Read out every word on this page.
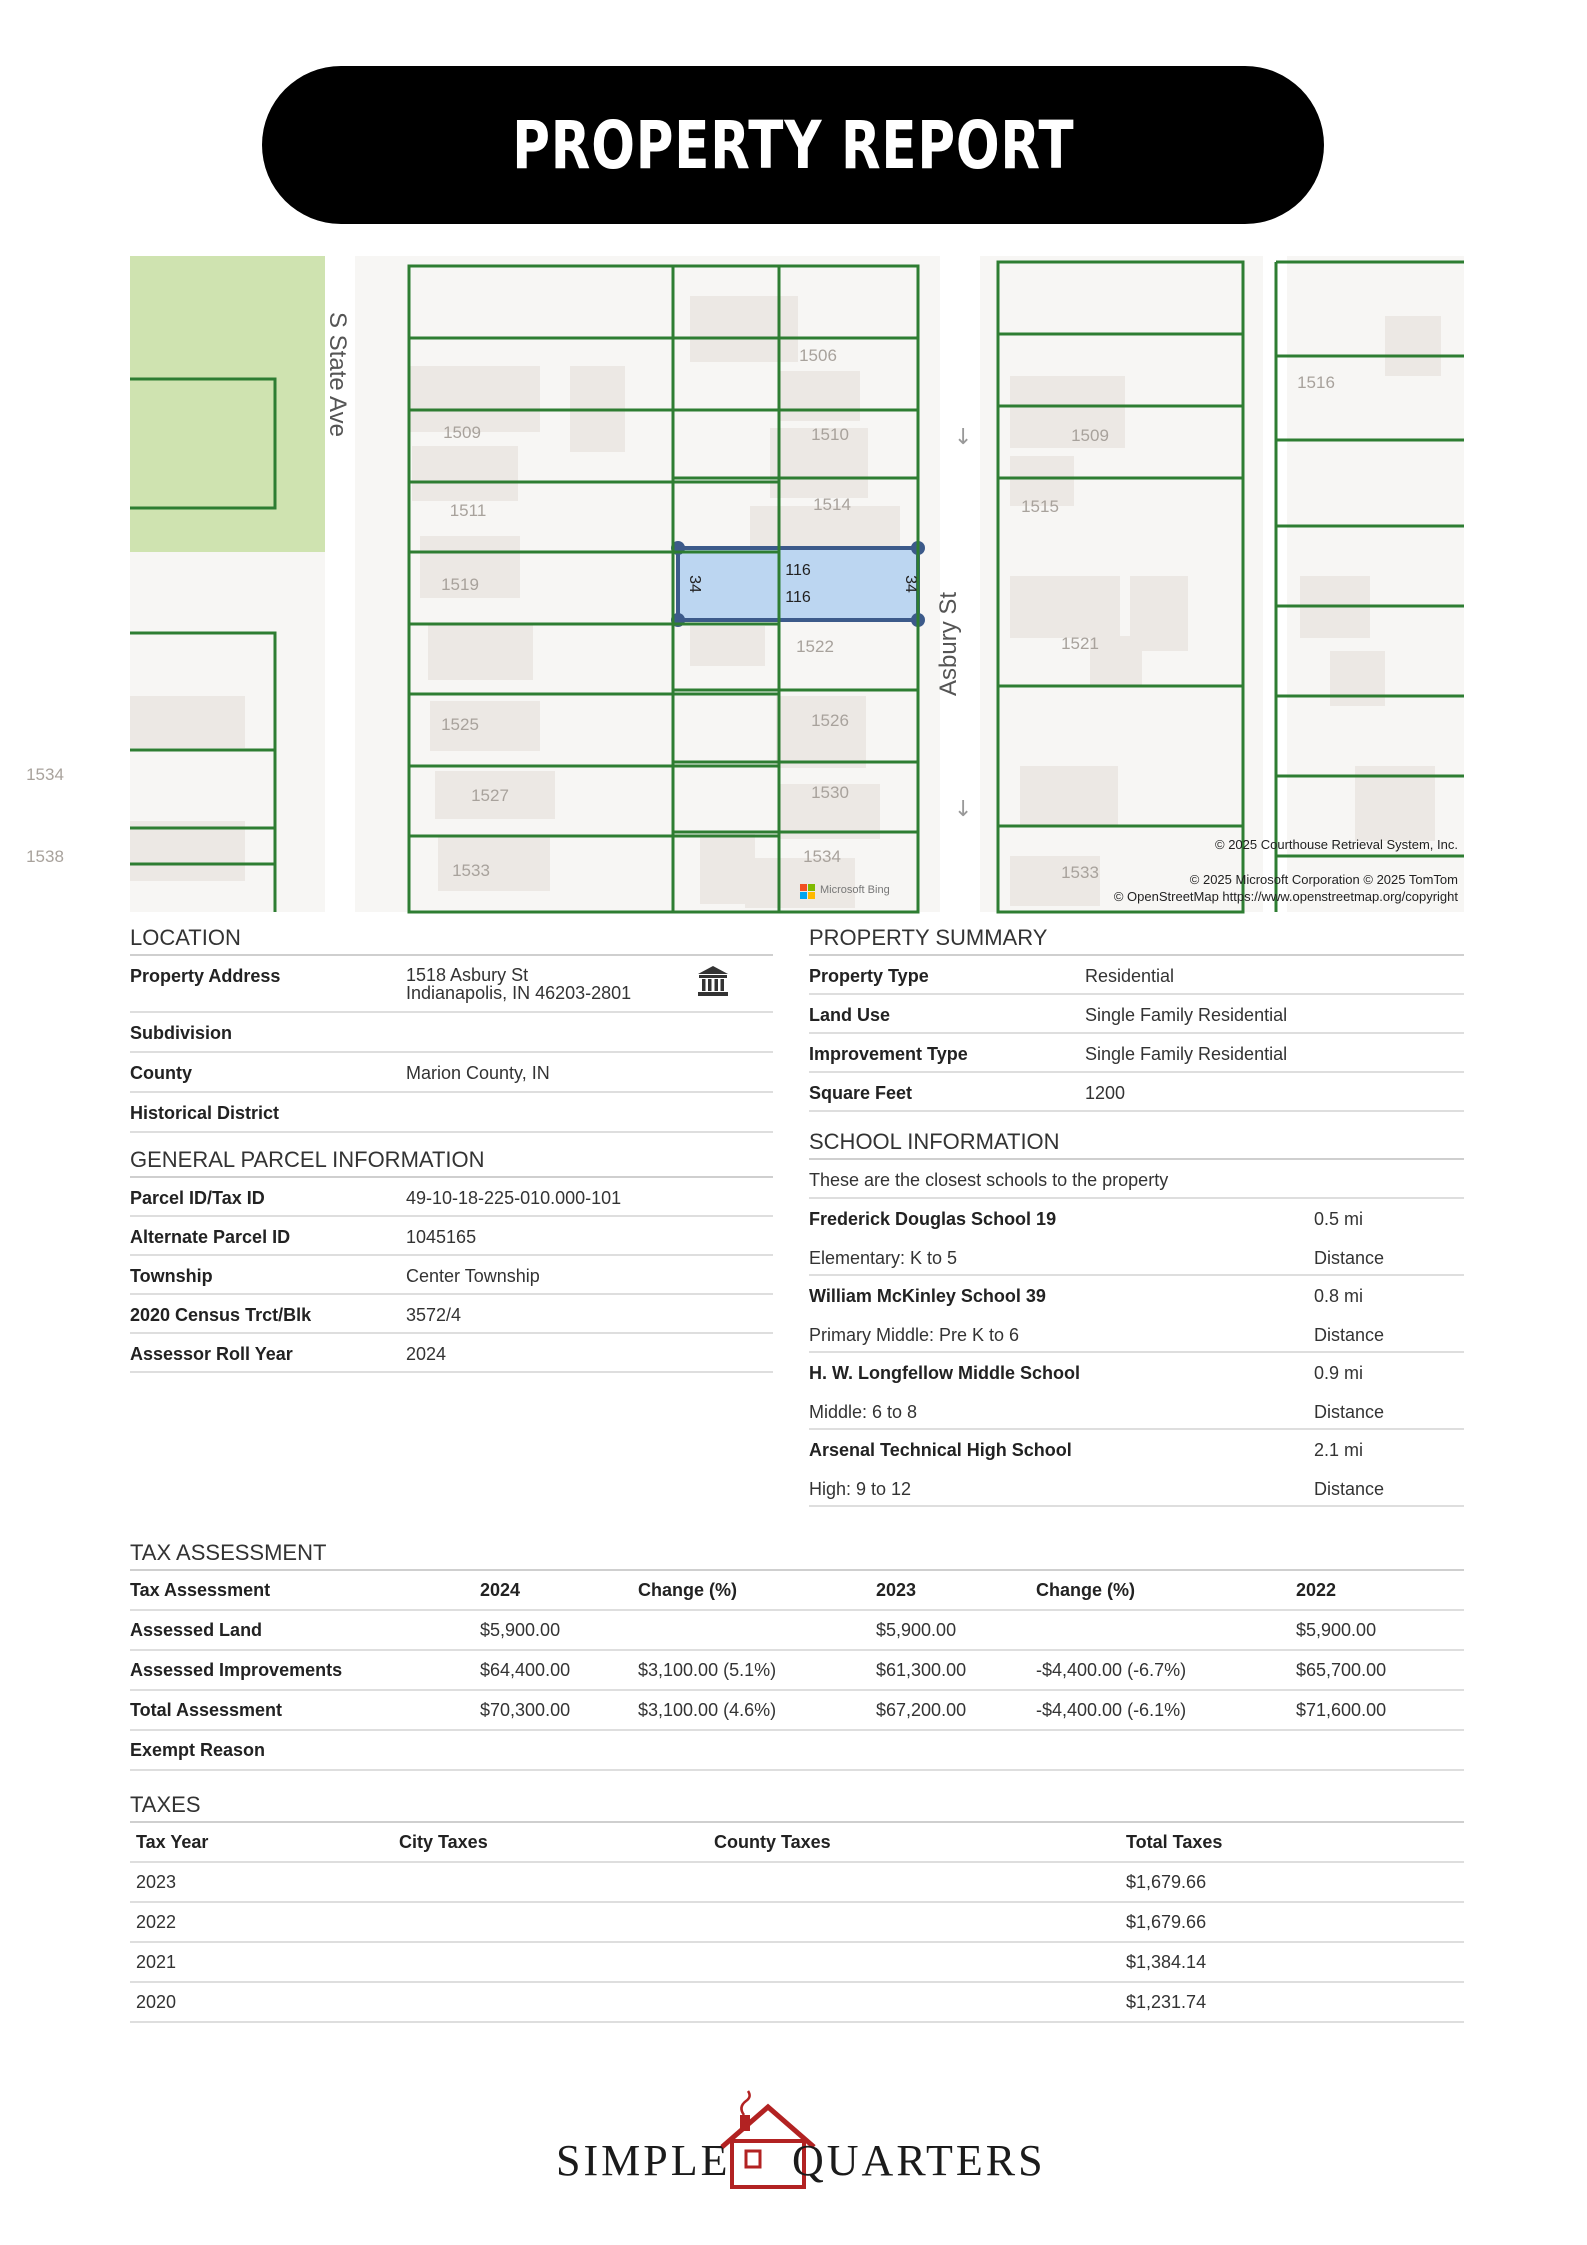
PROPERTY REPORT
116
116
34	34
1506
1509	1510	1509
1511	1514	1515
1516
1519
1522	1521
1525	1526
1527	1530
1533
1534
1533
1534
1538
S State Ave
Asbury St
↓
↓
© 2025 Courthouse Retrieval System, Inc.
© 2025 Microsoft Corporation © 2025 TomTom
© OpenStreetMap https://www.openstreetmap.org/copyright
Microsoft Bing
LOCATION
Property Address	1518 Asbury St
Indianapolis, IN 46203-2801
Subdivision
County	Marion County, IN
Historical District
GENERAL PARCEL INFORMATION
Parcel ID/Tax ID	49-10-18-225-010.000-101
Alternate Parcel ID	1045165
Township	Center Township
2020 Census Trct/Blk	3572/4
Assessor Roll Year	2024
PROPERTY SUMMARY
Property Type	Residential
Land Use	Single Family Residential
Improvement Type	Single Family Residential
Square Feet	1200
SCHOOL INFORMATION
These are the closest schools to the property
Frederick Douglas School 19	0.5 mi
Elementary: K to 5	Distance
William McKinley School 39	0.8 mi
Primary Middle: Pre K to 6	Distance
H. W. Longfellow Middle School	0.9 mi
Middle: 6 to 8	Distance
Arsenal Technical High School	2.1 mi
High: 9 to 12	Distance
TAX ASSESSMENT
Tax Assessment	2024	Change (%)	2023	Change (%)	2022
Assessed Land	$5,900.00		$5,900.00		$5,900.00
Assessed Improvements	$64,400.00	$3,100.00 (5.1%)	$61,300.00	-$4,400.00 (-6.7%)	$65,700.00
Total Assessment	$70,300.00	$3,100.00 (4.6%)	$67,200.00	-$4,400.00 (-6.1%)	$71,600.00
Exempt Reason					
TAXES
Tax Year	City Taxes	County Taxes	Total Taxes
2023			$1,679.66
2022			$1,679.66
2021			$1,384.14
2020			$1,231.74
SIMPLE QUARTERS
